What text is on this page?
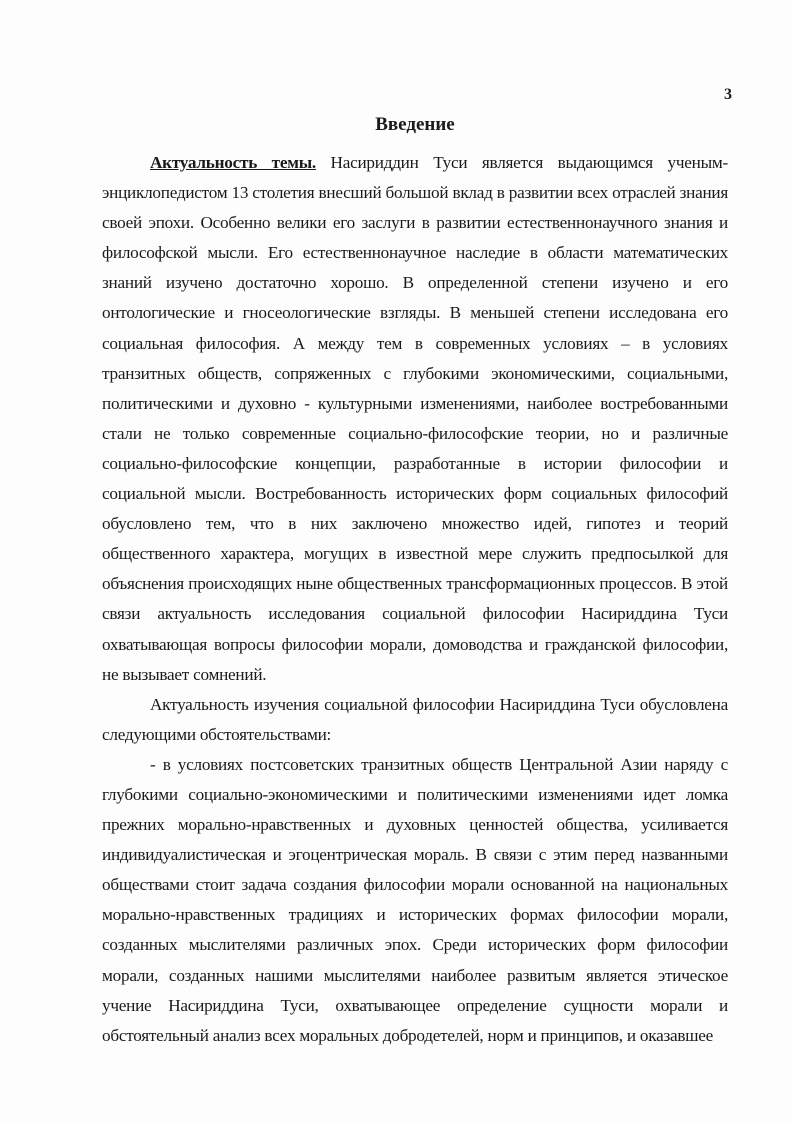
3
Введение

Актуальность темы. Насириддин Туси является выдающимся ученым-энциклопедистом 13 столетия внесший большой вклад в развитии всех отраслей знания своей эпохи. Особенно велики его заслуги в развитии естественнонаучного знания и философской мысли. Его естественнонаучное наследие в области математических знаний изучено достаточно хорошо. В определенной степени изучено и его онтологические и гносеологические взгляды. В меньшей степени исследована его социальная философия. А между тем в современных условиях – в условиях транзитных обществ, сопряженных с глубокими экономическими, социальными, политическими и духовно - культурными изменениями, наиболее востребованными стали не только современные социально-философские теории, но и различные социально-философские концепции, разработанные в истории философии и социальной мысли. Востребованность исторических форм социальных философий обусловлено тем, что в них заключено множество идей, гипотез и теорий общественного характера, могущих в известной мере служить предпосылкой для объяснения происходящих ныне общественных трансформационных процессов. В этой связи актуальность исследования социальной философии Насириддина Туси охватывающая вопросы философии морали, домоводства и гражданской философии, не вызывает сомнений.

Актуальность изучения социальной философии Насириддина Туси обусловлена следующими обстоятельствами:

- в условиях постсоветских транзитных обществ Центральной Азии наряду с глубокими социально-экономическими и политическими изменениями идет ломка прежних морально-нравственных и духовных ценностей общества, усиливается индивидуалистическая и эгоцентрическая мораль. В связи с этим перед названными обществами стоит задача создания философии морали основанной на национальных морально-нравственных традициях и исторических формах философии морали, созданных мыслителями различных эпох. Среди исторических форм философии морали, созданных нашими мыслителями наиболее развитым является этическое учение Насириддина Туси, охватывающее определение сущности морали и обстоятельный анализ всех моральных добродетелей, норм и принципов, и оказавшее
